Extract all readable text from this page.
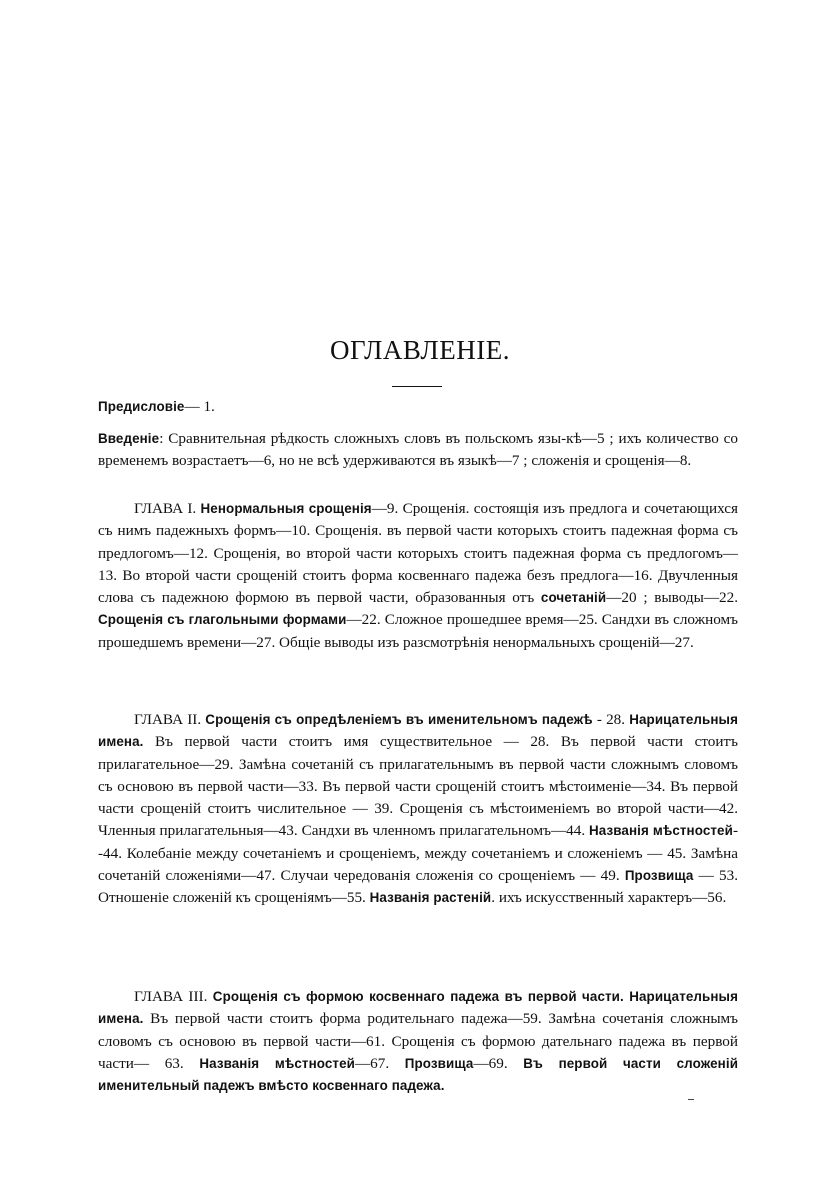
ОГЛАВЛЕНІЕ.

Предисловіе— 1.

Введеніе: Сравнительная рѣдкость сложныхъ словъ въ польскомъ язы-кѣ—5 ; ихъ количество со временемъ возрастаетъ—6, но не всѣ удерживаются въ языкѣ—7 ; сложенія и срощенія—8.

ГЛАВА I. Ненормальныя срощенія—9. Срощенія. состоящія изъ предлога и сочетающихся съ нимъ падежныхъ формъ—10. Срощенія. въ первой части которыхъ стоитъ падежная форма съ предлогомъ—12. Срощенія, во второй части которыхъ стоитъ падежная форма съ предлогомъ—13. Во второй части срощеній стоитъ форма косвеннаго падежа безъ предлога—16. Двучленныя слова съ падежною формою въ первой части, образованныя отъ сочетаній—20 ; выводы—22. Срощенія съ глагольными формами—22. Сложное прошедшее время—25. Сандхи въ сложномъ прошедшемъ времени—27. Общіе выводы изъ разсмотрѣнія ненормальныхъ срощеній—27.

ГЛАВА II. Срощенія съ опредѣленіемъ въ именительномъ падежѣ - 28. Нарицательныя имена. Въ первой части стоитъ имя существительное — 28. Въ первой части стоитъ прилагательное—29. Замѣна сочетаній съ прилагательнымъ въ первой части сложнымъ словомъ съ основою въ первой части—33. Въ первой части срощеній стоитъ мѣстоименіе—34. Въ первой части срощеній стоитъ числительное — 39. Срощенія съ мѣстоименіемъ во второй части—42. Членныя прилагательныя—43. Сандхи въ членномъ прилагательномъ—44. Названія мѣстностей--44. Колебаніе между сочетаніемъ и срощеніемъ, между сочетаніемъ и сложеніемъ — 45. Замѣна сочетаній сложеніями—47. Случаи чередованія сложенія со срощеніемъ — 49. Прозвища — 53. Отношеніе сложеній къ срощеніямъ—55. Названія растеній. ихъ искусственный характеръ—56.

ГЛАВА III. Срощенія съ формою косвеннаго падежа въ первой части. Нарицательныя имена. Въ первой части стоитъ форма родительнаго падежа—59. Замѣна сочетанія сложнымъ словомъ съ основою въ первой части—61. Срощенія съ формою дательнаго падежа въ первой части— 63. Названія мѣстностей—67. Прозвища—69. Въ первой части сложеній именительный падежъ вмѣсто косвеннаго падежа.
